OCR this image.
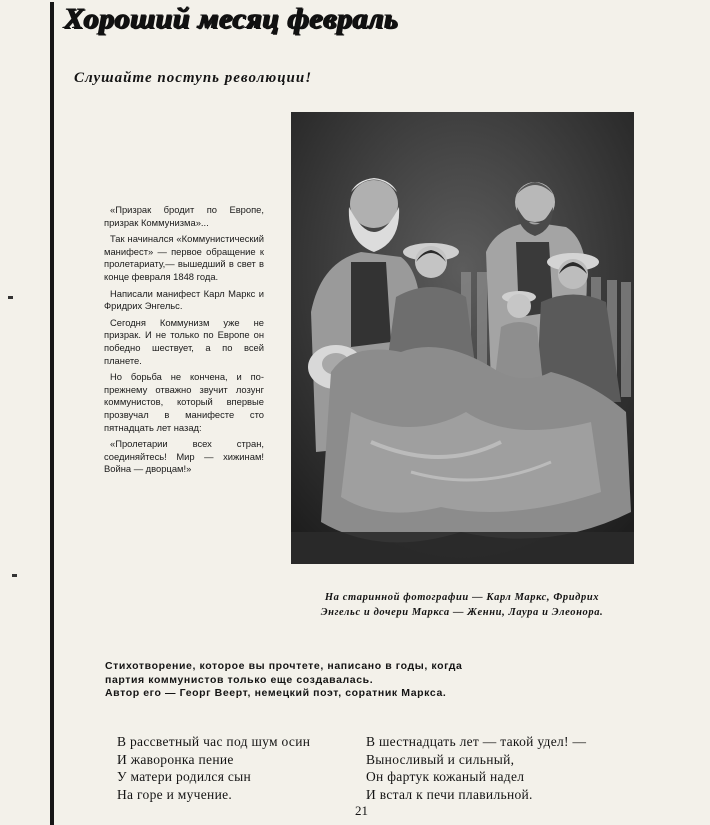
Хороший месяц февраль
Слушайте поступь революции!

«Призрак бродит по Европе, призрак Коммунизма»...

Так начинался «Коммунистический манифест» — первое обращение к пролетариату,— вышедший в свет в конце февраля 1848 года.

Написали манифест Карл Маркс и Фридрих Энгельс.

Сегодня Коммунизм уже не призрак. И не только по Европе он победно шествует, а по всей планете.

Но борьба не кончена, и по-прежнему отважно звучит лозунг коммунистов, который впервые прозвучал в манифесте сто пятнадцать лет назад:

«Пролетарии всех стран, соединяйтесь! Мир — хижинам! Война — дворцам!»

На старинной фотографии — Карл Маркс, Фридрих Энгельс и дочери Маркса — Женни, Лаура и Элеонора.

Стихотворение, которое вы прочтете, написано в годы, когда
партия коммунистов только еще создавалась.
Автор его — Георг Веерт, немецкий поэт, соратник Маркса.
В рассветный час под шум осин
И жаворонка пение
У матери родился сын
На горе и мучение.
В шестнадцать лет — такой удел! —
Выносливый и сильный,
Он фартук кожаный надел
И встал к печи плавильной.

21
